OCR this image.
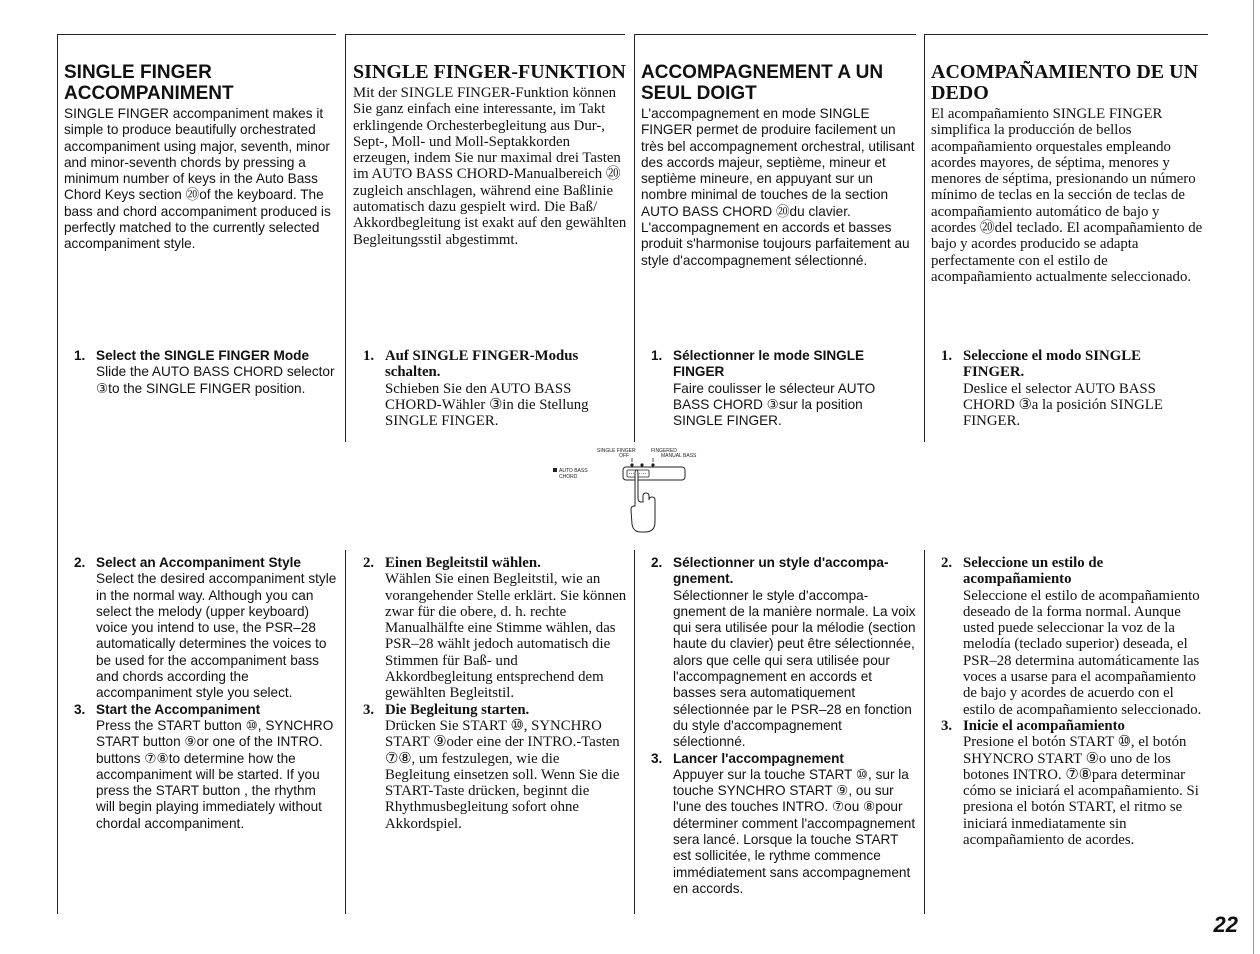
SINGLE FINGER ACCOMPANIMENT

SINGLE FINGER accompaniment makes it simple to produce beautifully orchestrated accompaniment using major, seventh, minor and minor-seventh chords by pressing a minimum number of keys in the Auto Bass Chord Keys section ⑳of the keyboard. The bass and chord accompaniment produced is perfectly matched to the currently selected accompaniment style.

1. Select the SINGLE FINGER Mode
Slide the AUTO BASS CHORD selector ③to the SINGLE FINGER position.
2. Select an Accompaniment Style
Select the desired accompaniment style in the normal way. Although you can select the melody (upper keyboard) voice you intend to use, the PSR–28 automatically determines the voices to be used for the accompaniment bass and chords according the accompaniment style you select.
3. Start the Accompaniment
Press the START button ⑩, SYNCHRO START button ⑨or one of the INTRO. buttons ⑦⑧to determine how the accompaniment will be started. If you press the START button , the rhythm will begin playing immediately without chordal accompaniment.
SINGLE FINGER-FUNKTION

Mit der SINGLE FINGER-Funktion können Sie ganz einfach eine interessante, im Takt erklingende Orchesterbegleitung aus Dur-, Sept-, Moll- und Moll-Septakkorden erzeugen, indem Sie nur maximal drei Tasten im AUTO BASS CHORD-Manualbereich ⑳ zugleich anschlagen, während eine Baßlinie automatisch dazu gespielt wird. Die Baß/ Akkordbegleitung ist exakt auf den gewählten Begleitungsstil abgestimmt.

1. Auf SINGLE FINGER-Modus schalten.
Schieben Sie den AUTO BASS CHORD-Wähler ③in die Stellung SINGLE FINGER.
2. Einen Begleitstil wählen.
Wählen Sie einen Begleitstil, wie an vorangehender Stelle erklärt. Sie können zwar für die obere, d. h. rechte Manualhälfte eine Stimme wählen, das PSR–28 wählt jedoch automatisch die Stimmen für Baß- und Akkordbegleitung entsprechend dem gewählten Begleitstil.
3. Die Begleitung starten.
Drücken Sie START ⑩, SYNCHRO START ⑨oder eine der INTRO.-Tasten ⑦⑧, um festzulegen, wie die Begleitung einsetzen soll. Wenn Sie die START-Taste drücken, beginnt die Rhythmusbegleitung sofort ohne Akkordspiel.
ACCOMPAGNEMENT A UN SEUL DOIGT

L'accompagnement en mode SINGLE FINGER permet de produire facilement un très bel accompagnement orchestral, utilisant des accords majeur, septième, mineur et septième mineure, en appuyant sur un nombre minimal de touches de la section AUTO BASS CHORD ⑳du clavier. L'accompagnement en accords et basses produit s'harmonise toujours parfaitement au style d'accompagnement sélectionné.

1. Sélectionner le mode SINGLE FINGER
Faire coulisser le sélecteur AUTO BASS CHORD ③sur la position SINGLE FINGER.
2. Sélectionner un style d'accompa-gnement.
Sélectionner le style d'accompa-gnement de la manière normale. La voix qui sera utilisée pour la mélodie (section haute du clavier) peut être sélectionnée, alors que celle qui sera utilisée pour l'accompagnement en accords et basses sera automatiquement sélectionnée par le PSR–28 en fonction du style d'accompagnement sélectionné.
3. Lancer l'accompagnement
Appuyer sur la touche START ⑩, sur la touche SYNCHRO START ⑨, ou sur l'une des touches INTRO. ⑦ou ⑧pour déterminer comment l'accompagnement sera lancé. Lorsque la touche START est sollicitée, le rythme commence immédiatement sans accompagnement en accords.
ACOMPAÑAMIENTO DE UN DEDO

El acompañamiento SINGLE FINGER simplifica la producción de bellos acompañamiento orquestales empleando acordes mayores, de séptima, menores y menores de séptima, presionando un número mínimo de teclas en la sección de teclas de acompañamiento automático de bajo y acordes ⑳del teclado. El acompañamiento de bajo y acordes producido se adapta perfectamente con el estilo de acompañamiento actualmente seleccionado.

1. Seleccione el modo SINGLE FINGER.
Deslice el selector AUTO BASS CHORD ③a la posición SINGLE FINGER.
2. Seleccione un estilo de acompañamiento
Seleccione el estilo de acompañamiento deseado de la forma normal. Aunque usted puede seleccionar la voz de la melodía (teclado superior) deseada, el PSR–28 determina automáticamente las voces a usarse para el acompañamiento de bajo y acordes de acuerdo con el estilo de acompañamiento seleccionado.
3. Inicie el acompañamiento
Presione el botón START ⑩, el botón SHYNCRO START ⑨o uno de los botones INTRO. ⑦⑧para determinar cómo se iniciará el acompañamiento. Si presiona el botón START, el ritmo se iniciará inmediatamente sin acompañamiento de acordes.
SINGLE FINGER	FINGERED
OFF	MANUAL BASS
AUTO BASS
CHORD
22
